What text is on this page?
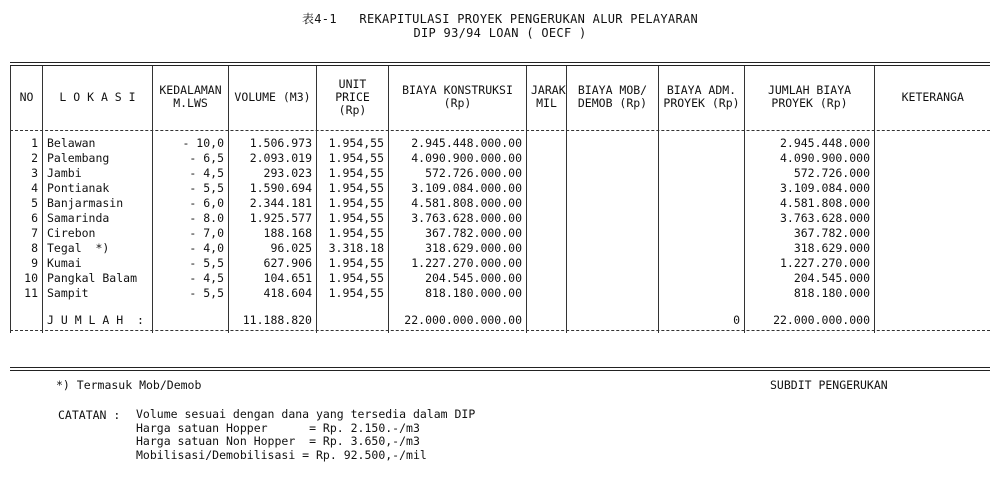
表4-1 REKAPITULASI PROYEK PENGERUKAN ALUR PELAYARAN
DIP 93/94 LOAN ( OECF )
NO	L O K A S I	KEDALAMAN M.LWS	VOLUME (M3)	UNIT PRICE (Rp)	BIAYA KONSTRUKSI (Rp)	JARAK MIL	BIAYA MOB/ DEMOB (Rp)	BIAYA ADM. PROYEK (Rp)	JUMLAH BIAYA PROYEK (Rp)	KETERANGA

1	Belawan	- 10,0	1.506.973	1.954,55	2.945.448.000.00				2.945.448.000	
2	Palembang	- 6,5	2.093.019	1.954,55	4.090.900.000.00				4.090.900.000	
3	Jambi	- 4,5	293.023	1.954,55	572.726.000.00				572.726.000	
4	Pontianak	- 5,5	1.590.694	1.954,55	3.109.084.000.00				3.109.084.000	
5	Banjarmasin	- 6,0	2.344.181	1.954,55	4.581.808.000.00				4.581.808.000	
6	Samarinda	- 8.0	1.925.577	1.954,55	3.763.628.000.00				3.763.628.000	
7	Cirebon	- 7,0	188.168	1.954,55	367.782.000.00				367.782.000	
8	Tegal  *)	- 4,0	96.025	3.318.18	318.629.000.00				318.629.000	
9	Kumai	- 5,5	627.906	1.954,55	1.227.270.000.00				1.227.270.000	
10	Pangkal Balam	- 4,5	104.651	1.954,55	204.545.000.00				204.545.000	
11	Sampit	- 5,5	418.604	1.954,55	818.180.000.00				818.180.000	
	J U M L A H  :		11.188.820		22.000.000.000.00			0	22.000.000.000	
*) Termasuk Mob/Demob	SUBDIT PENGERUKAN
CATATAN : Volume sesuai dengan dana yang tersedia dalam DIP
Harga satuan Hopper      = Rp. 2.150.-/m3
Harga satuan Non Hopper  = Rp. 3.650,-/m3
Mobilisasi/Demobilisasi = Rp. 92.500,-/mil
